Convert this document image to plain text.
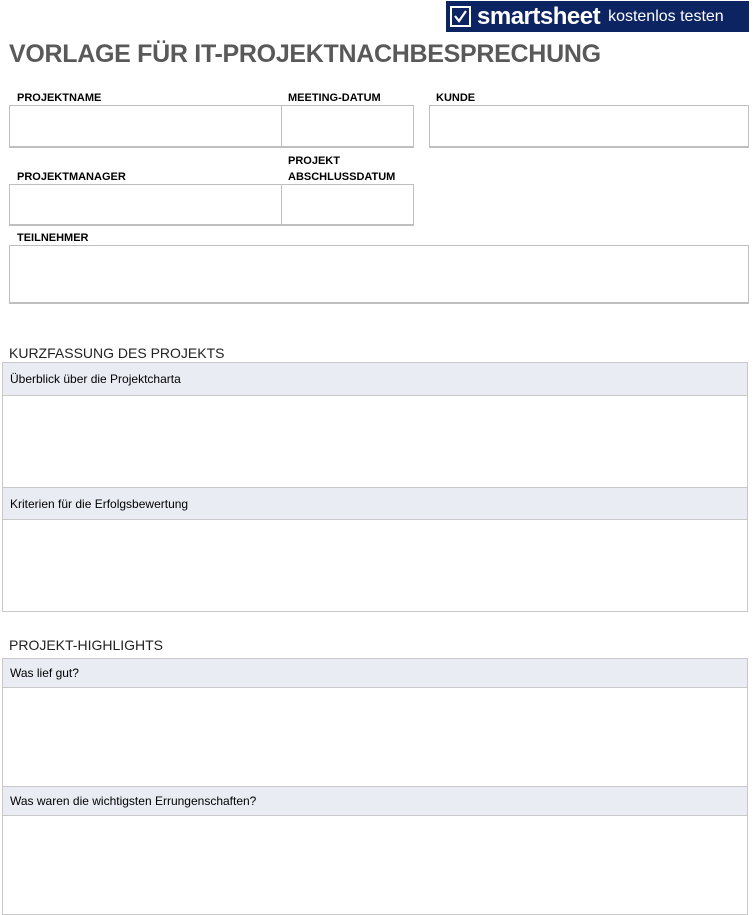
smartsheet kostenlos testen
VORLAGE FÜR IT-PROJEKTNACHBESPRECHUNG
PROJEKTNAME	MEETING-DATUM	KUNDE
PROJEKTMANAGER
PROJEKT
ABSCHLUSSDATUM
TEILNEHMER
KURZFASSUNG DES PROJEKTS
Überblick über die Projektcharta
Kriterien für die Erfolgsbewertung
PROJEKT-HIGHLIGHTS
Was lief gut?
Was waren die wichtigsten Errungenschaften?
